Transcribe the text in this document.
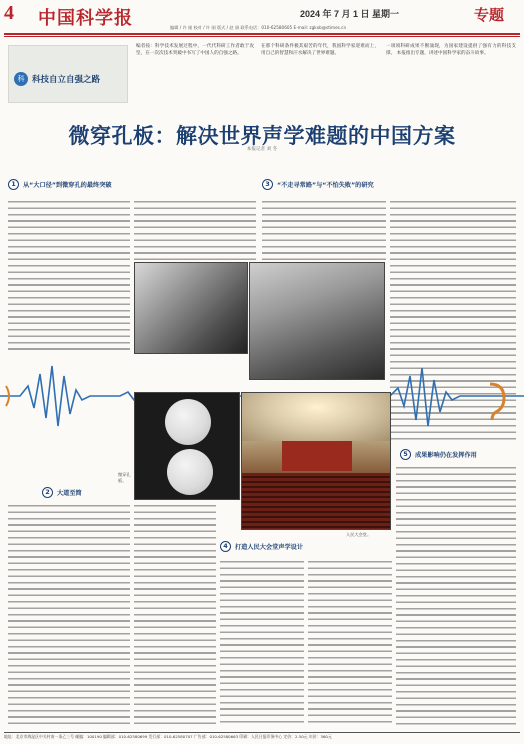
4 中国科学报	2024 年 7 月 1 日 星期一	专题
编辑 / 许 刚 校对 / 许 刚 版式 / 赵 娟 联系电话：010-62580605 E-mail: zgkxb@stimes.cn
科 科技自立自强之路
编者按：科学技术发展过程中，一代代科研工作者敢于攻坚，在一次次技术突破中书写了中国人的自强之路。
在那个科研条件极其艰苦的年代，我国科学家迎难而上，用自己的智慧和汗水解决了世界难题。
一项项科研成果不断涌现，为国家建设提供了强有力的科技支撑。 本报推出专题，讲述中国科学家的奋斗故事。
微穿孔板：解决世界声学难题的中国方案
本报记者 刘 冬
1	从“大口径”到微穿孔的最终突破	3	“不走寻常路”与“不怕失败”的研究
微穿孔板。
人民大会堂。
2	大道至简
4	打造人民大会堂声学设计
5	成果影响仍在发挥作用
地址：北京市海淀区中关村南一条乙三号 邮编：100190 编辑部：010-62580699 发行部：010-62580707 广告部：010-62580663 印刷：人民日报印务中心 定价：2.50元 年价：360元
